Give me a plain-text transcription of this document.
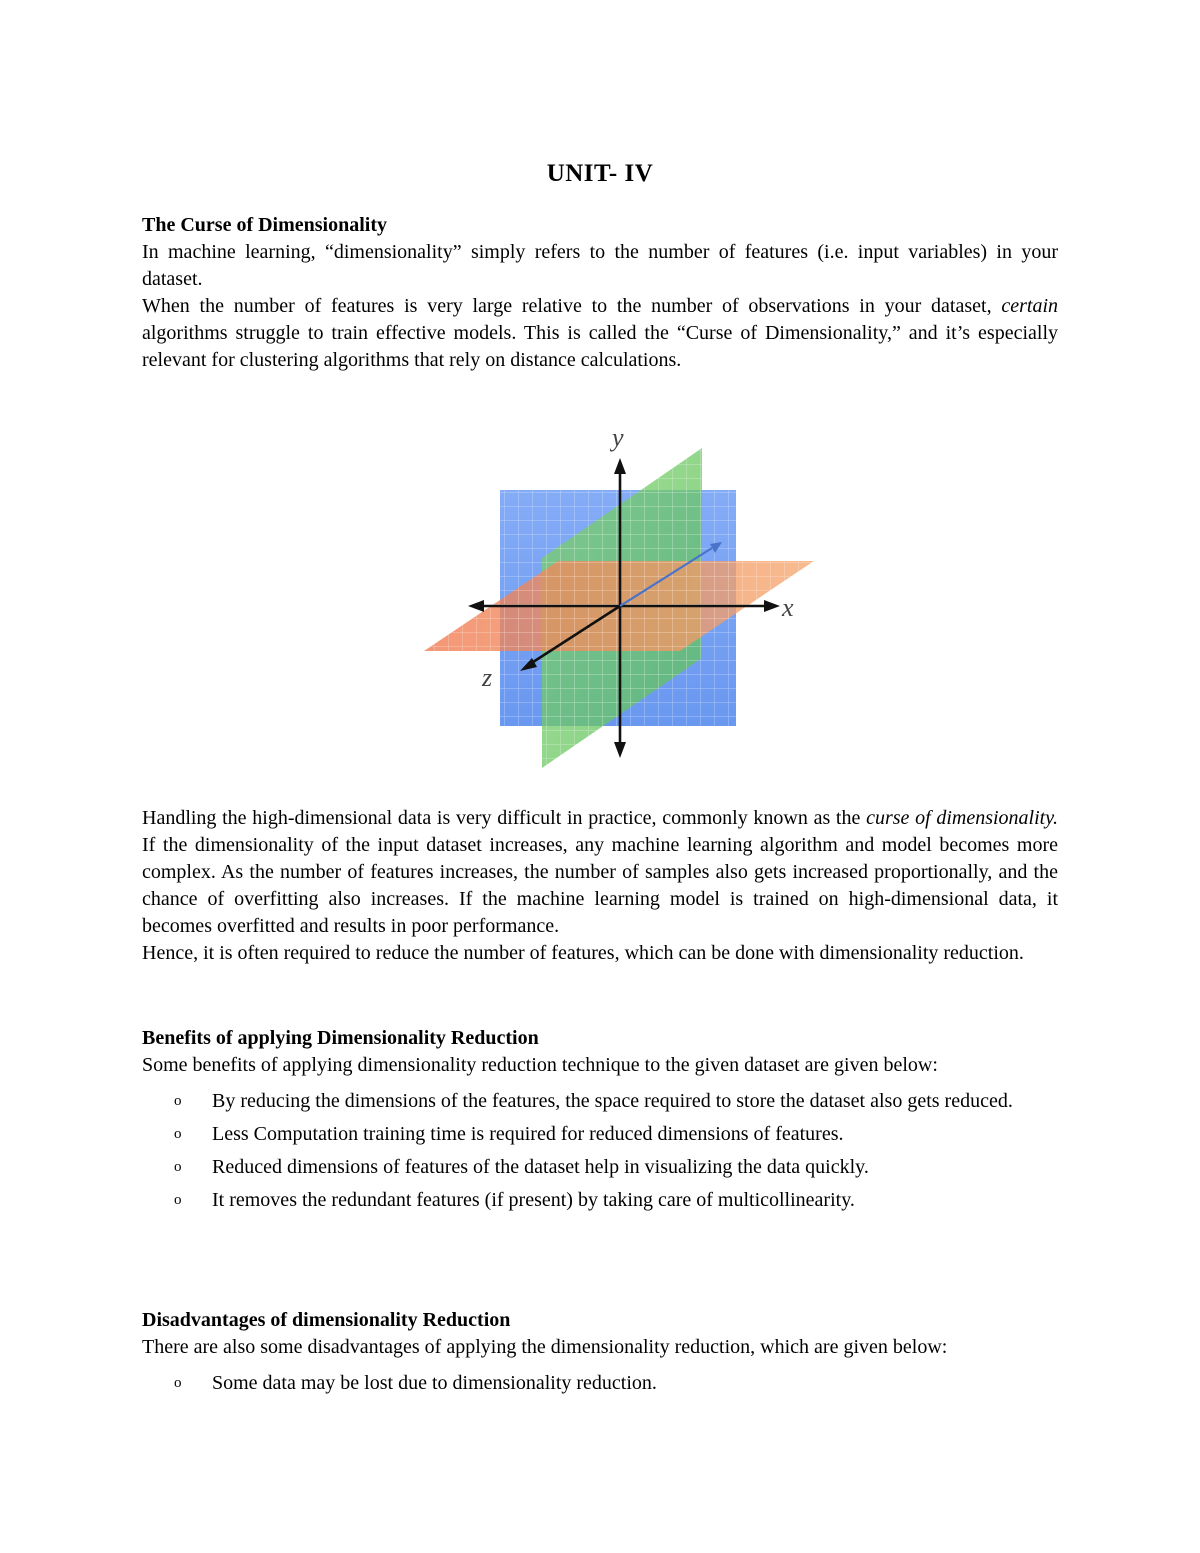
UNIT- IV
The Curse of Dimensionality
In machine learning, “dimensionality” simply refers to the number of features (i.e. input variables) in your dataset.
When the number of features is very large relative to the number of observations in your dataset, certain algorithms struggle to train effective models. This is called the “Curse of Dimensionality,” and it’s especially relevant for clustering algorithms that rely on distance calculations.
y
x
z
Handling the high-dimensional data is very difficult in practice, commonly known as the curse of dimensionality. If the dimensionality of the input dataset increases, any machine learning algorithm and model becomes more complex. As the number of features increases, the number of samples also gets increased proportionally, and the chance of overfitting also increases. If the machine learning model is trained on high-dimensional data, it becomes overfitted and results in poor performance.
Hence, it is often required to reduce the number of features, which can be done with dimensionality reduction.
Benefits of applying Dimensionality Reduction
Some benefits of applying dimensionality reduction technique to the given dataset are given below:
o By reducing the dimensions of the features, the space required to store the dataset also gets reduced.
o Less Computation training time is required for reduced dimensions of features.
o Reduced dimensions of features of the dataset help in visualizing the data quickly.
o It removes the redundant features (if present) by taking care of multicollinearity.
Disadvantages of dimensionality Reduction
There are also some disadvantages of applying the dimensionality reduction, which are given below:
o Some data may be lost due to dimensionality reduction.
